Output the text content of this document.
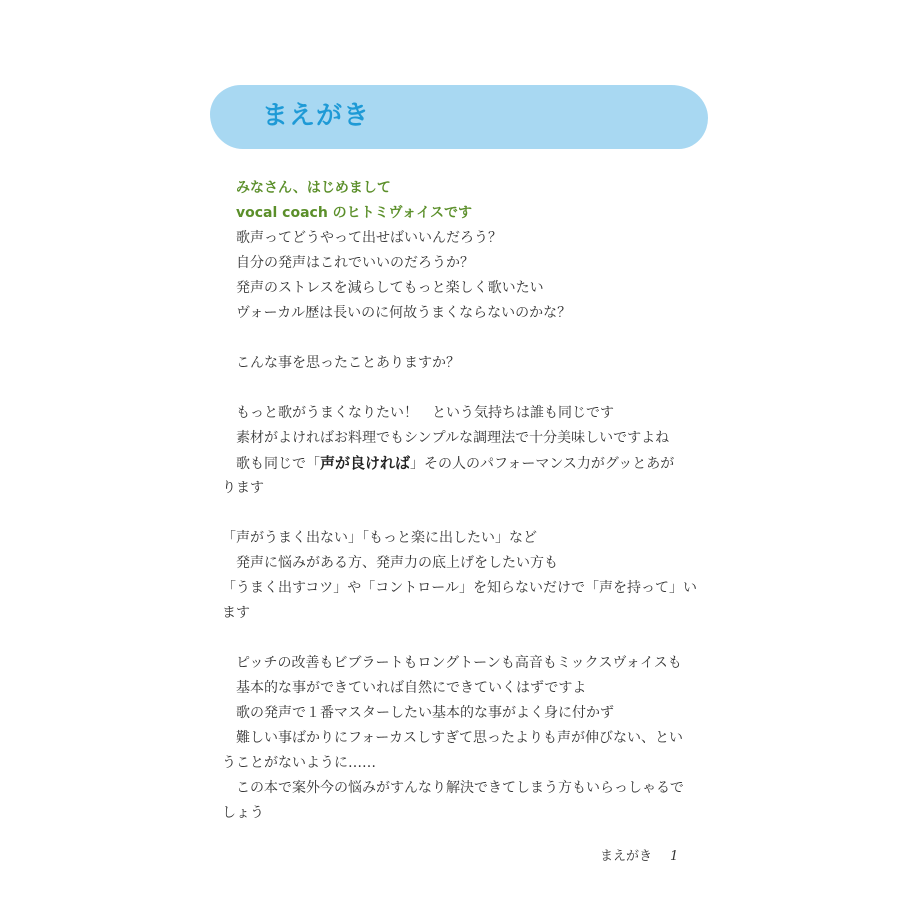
まえがき
みなさん、はじめまして
vocal coach のヒトミヴォイスです
歌声ってどうやって出せばいいんだろう？
自分の発声はこれでいいのだろうか？
発声のストレスを減らしてもっと楽しく歌いたい
ヴォーカル歴は長いのに何故うまくならないのかな？
こんな事を思ったことありますか？
もっと歌がうまくなりたい！　という気持ちは誰も同じです
素材がよければお料理でもシンプルな調理法で十分美味しいですよね
歌も同じで「声が良ければ」その人のパフォーマンス力がグッとあが
ります
「声がうまく出ない」「もっと楽に出したい」など
発声に悩みがある方、発声力の底上げをしたい方も
「うまく出すコツ」や「コントロール」を知らないだけで「声を持って」い
ます
ピッチの改善もビブラートもロングトーンも高音もミックスヴォイスも
基本的な事ができていれば自然にできていくはずですよ
歌の発声で１番マスターしたい基本的な事がよく身に付かず
難しい事ばかりにフォーカスしすぎて思ったよりも声が伸びない、とい
うことがないように……
この本で案外今の悩みがすんなり解決できてしまう方もいらっしゃるで
しょう
まえがき 1
